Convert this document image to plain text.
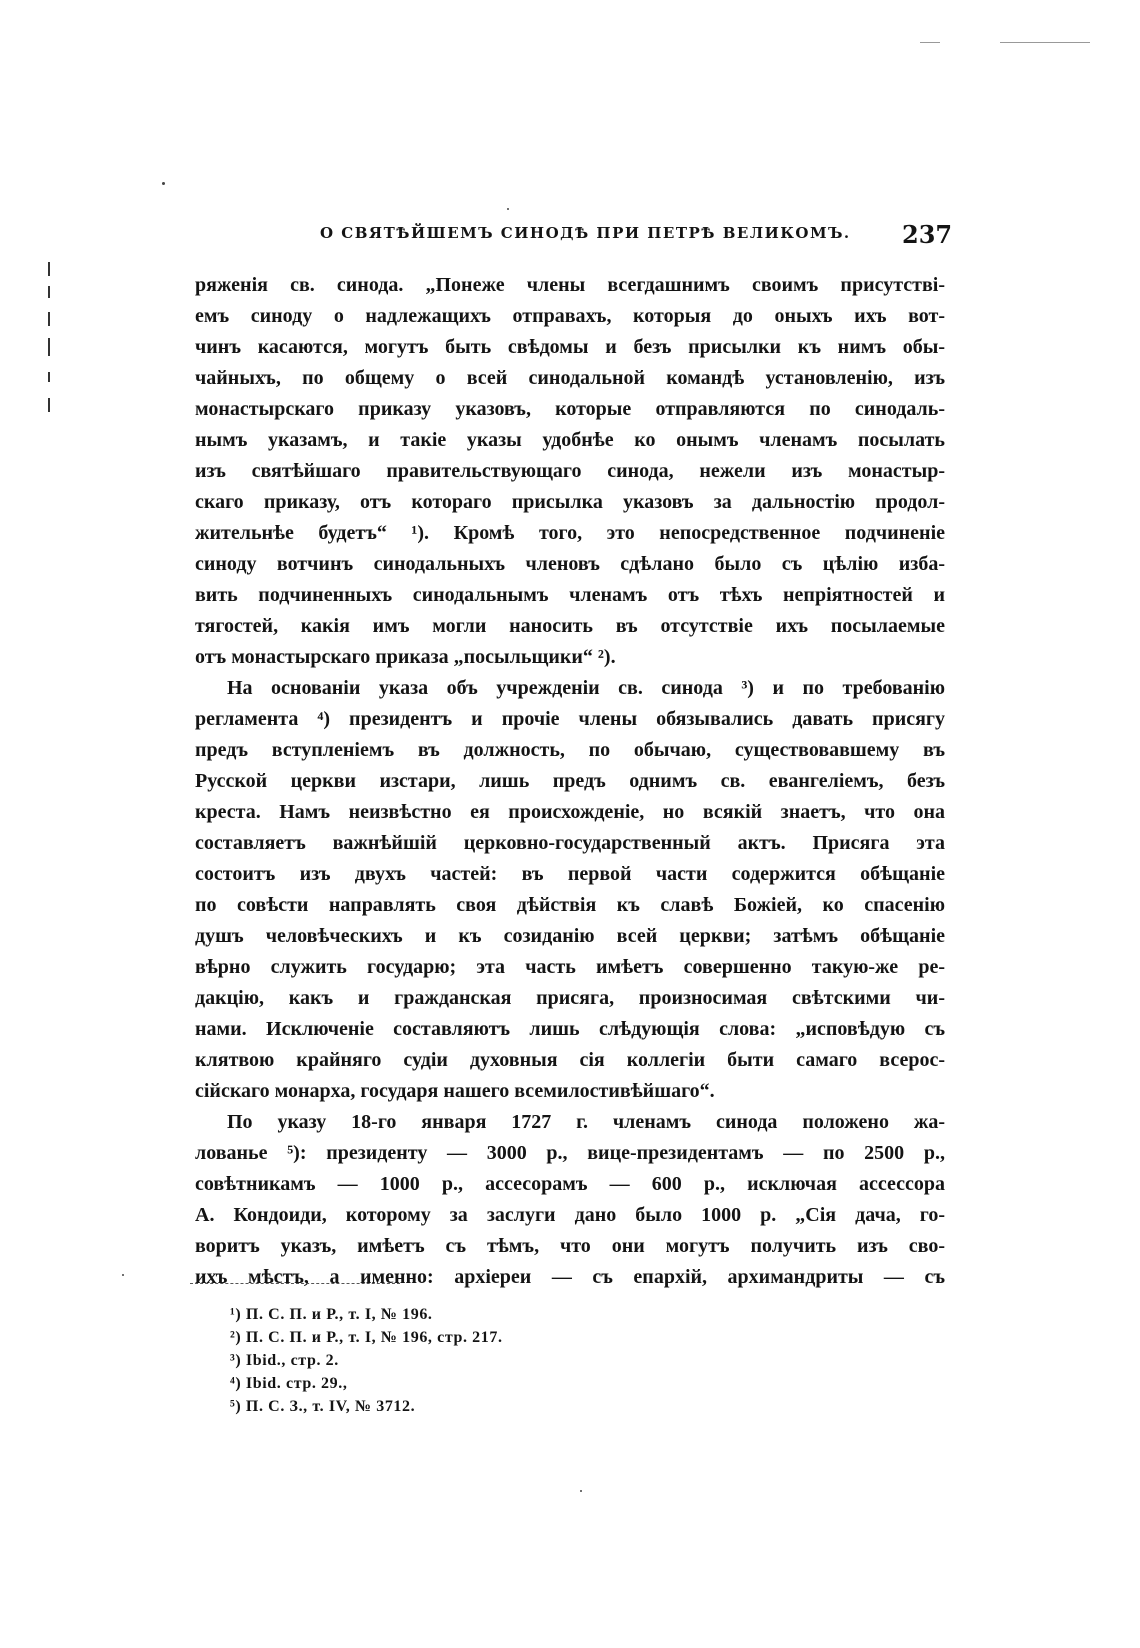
О СВЯТѢЙШЕМЪ СИНОДѢ ПРИ ПЕТРѢ ВЕЛИКОМЪ. 237
ряженія св. синода. „Понеже члены всегдашнимъ своимъ присутстві-
емъ синоду о надлежащихъ отправахъ, которыя до оныхъ ихъ вот-
чинъ касаются, могутъ быть свѣдомы и безъ присылки къ нимъ обы-
чайныхъ, по общему о всей синодальной командѣ установленію, изъ
монастырскаго приказу указовъ, которые отправляются по синодаль-
нымъ указамъ, и такіе указы удобнѣе ко онымъ членамъ посылать
изъ святѣйшаго правительствующаго синода, нежели изъ монастыр-
скаго приказу, отъ котораго присылка указовъ за дальностію продол-
жительнѣе будетъ“ ¹). Кромѣ того, это непосредственное подчиненіе
синоду вотчинъ синодальныхъ членовъ сдѣлано было съ цѣлію изба-
вить подчиненныхъ синодальнымъ членамъ отъ тѣхъ непріятностей и
тягостей, какія имъ могли наносить въ отсутствіе ихъ посылаемые
отъ монастырскаго приказа „посыльщики“ ²).
На основаніи указа объ учрежденіи св. синода ³) и по требованію
регламента ⁴) президентъ и прочіе члены обязывались давать присягу
предъ вступленіемъ въ должность, по обычаю, существовавшему въ
Русской церкви изстари, лишь предъ однимъ св. евангеліемъ, безъ
креста. Намъ неизвѣстно ея происхожденіе, но всякій знаетъ, что она
составляетъ важнѣйшій церковно-государственный актъ. Присяга эта
состоитъ изъ двухъ частей: въ первой части содержится обѣщаніе
по совѣсти направлять своя дѣйствія къ славѣ Божіей, ко спасенію
душъ человѣческихъ и къ созиданію всей церкви; затѣмъ обѣщаніе
вѣрно служить государю; эта часть имѣетъ совершенно такую-же ре-
дакцію, какъ и гражданская присяга, произносимая свѣтскими чи-
нами. Исключеніе составляютъ лишь слѣдующія слова: „исповѣдую съ
клятвою крайняго судіи духовныя сія коллегіи быти самаго всерос-
сійскаго монарха, государя нашего всемилостивѣйшаго“.
По указу 18-го января 1727 г. членамъ синода положено жа-
лованье ⁵): президенту — 3000 р., вице-президентамъ — по 2500 р.,
совѣтникамъ — 1000 р., ассесорамъ — 600 р., исключая ассессора
А. Кондоиди, которому за заслуги дано было 1000 р. „Сія дача, го-
воритъ указъ, имѣетъ съ тѣмъ, что они могутъ получить изъ сво-
ихъ мѣстъ, а именно: архіереи — съ епархій, архимандриты — съ
¹) П. С. П. и Р., т. I, № 196.
²) П. С. П. и Р., т. I, № 196, стр. 217.
³) Ibid., стр. 2.
⁴) Ibid. стр. 29.,
⁵) П. С. З., т. IV, № 3712.
